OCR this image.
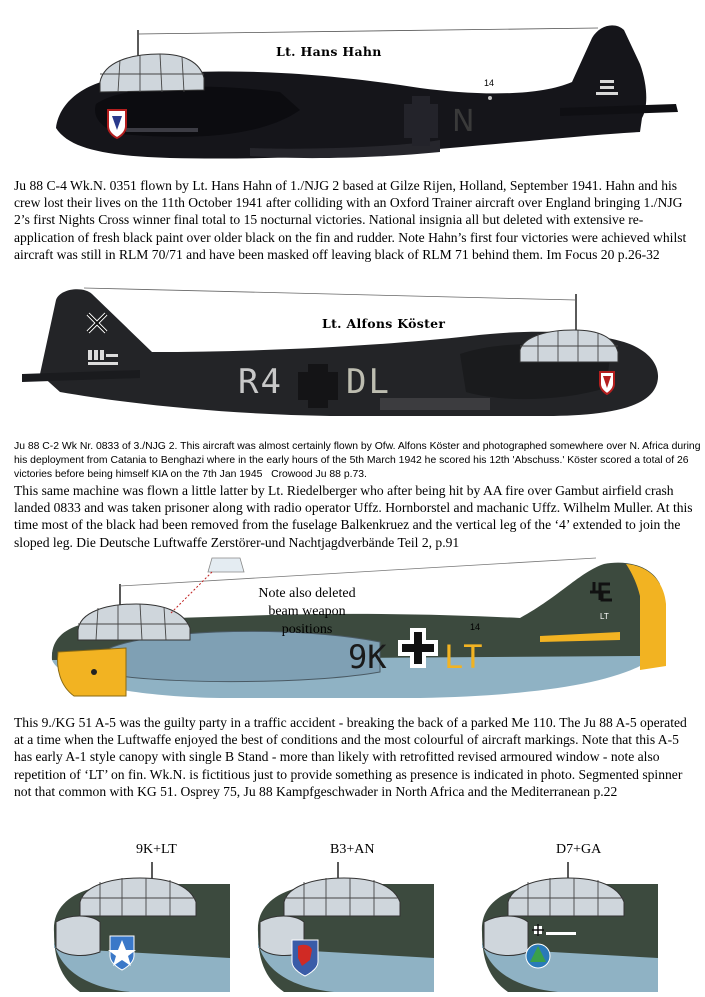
Lt. Hans Hahn
14
N

Ju 88 C-4 Wk.N. 0351 flown by Lt. Hans Hahn of 1./NJG 2 based at Gilze Rijen, Holland, September 1941. Hahn and his crew lost their lives on the 11th October 1941 after colliding with an Oxford Trainer aircraft over England bringing 1./NJG 2’s first Nights Cross winner final total to 15 nocturnal victories. National insignia all but deleted with extensive re-application of fresh black paint over older black on the fin and rudder. Note Hahn’s first four victories were achieved whilst aircraft was still in RLM 70/71 and have been masked off leaving black of RLM 71 behind them. Im Focus 20 p.26-32

Lt. Alfons Köster
R4 DL

Ju 88 C-2 Wk Nr. 0833 of 3./NJG 2. This aircraft was almost certainly flown by Ofw. Alfons Köster and photographed somewhere over N. Africa during his deployment from Catania to Benghazi where in the early hours of the 5th March 1942 he scored his 12th 'Abschuss.' Köster scored a total of 26 victories before being himself KIA on the 7th Jan 1945 Crowood Ju 88 p.73.

This same machine was flown a little latter by Lt. Riedelberger who after being hit by AA fire over Gambut airfield crash landed 0833 and was taken prisoner along with radio operator Uffz. Hornborstel and machanic Uffz. Wilhelm Muller. At this time most of the black had been removed from the fuselage Balkenkruez and the vertical leg of the ‘4’ extended to join the sloped leg. Die Deutsche Luftwaffe Zerstörer-und Nachtjagdverbände Teil 2, p.91

Note also deleted beam weapon positions	14
9K LT
LT

This 9./KG 51 A-5 was the guilty party in a traffic accident - breaking the back of a parked Me 110. The Ju 88 A-5 operated at a time when the Luftwaffe enjoyed the best of conditions and the most colourful of aircraft markings. Note that this A-5 has early A-1 style canopy with single B Stand - more than likely with retrofitted revised armoured window - note also repetition of ‘LT’ on fin. Wk.N. is fictitious just to provide something as presence is indicated in photo. Segmented spinner not that common with KG 51. Osprey 75, Ju 88 Kampfgeschwader in North Africa and the Mediterranean p.22

9K+LT	B3+AN	D7+GA
